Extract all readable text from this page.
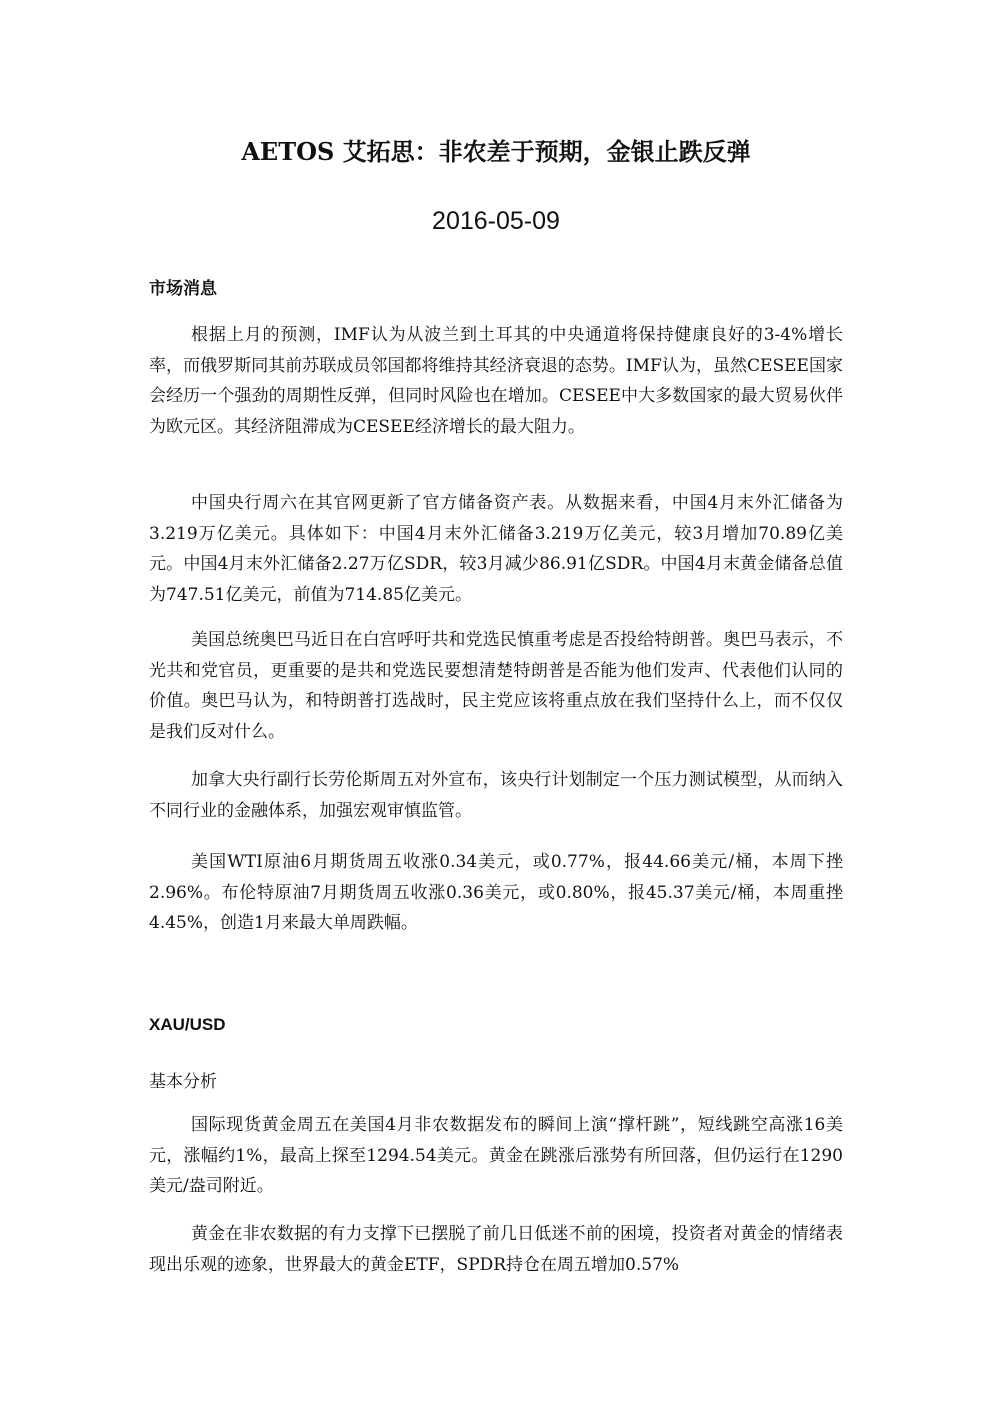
AETOS 艾拓思：非农差于预期，金银止跌反弹
2016-05-09
市场消息

根据上月的预测，IMF认为从波兰到土耳其的中央通道将保持健康良好的3-4%增长率，而俄罗斯同其前苏联成员邻国都将维持其经济衰退的态势。IMF认为，虽然CESEE国家会经历一个强劲的周期性反弹，但同时风险也在增加。CESEE中大多数国家的最大贸易伙伴为欧元区。其经济阻滞成为CESEE经济增长的最大阻力。

中国央行周六在其官网更新了官方储备资产表。从数据来看，中国4月末外汇储备为3.219万亿美元。具体如下：中国4月末外汇储备3.219万亿美元，较3月增加70.89亿美元。中国4月末外汇储备2.27万亿SDR，较3月减少86.91亿SDR。中国4月末黄金储备总值为747.51亿美元，前值为714.85亿美元。

美国总统奥巴马近日在白宫呼吁共和党选民慎重考虑是否投给特朗普。奥巴马表示，不光共和党官员，更重要的是共和党选民要想清楚特朗普是否能为他们发声、代表他们认同的价值。奥巴马认为，和特朗普打选战时，民主党应该将重点放在我们坚持什么上，而不仅仅是我们反对什么。

加拿大央行副行长劳伦斯周五对外宣布，该央行计划制定一个压力测试模型，从而纳入不同行业的金融体系，加强宏观审慎监管。

美国WTI原油6月期货周五收涨0.34美元，或0.77%，报44.66美元/桶，本周下挫2.96%。布伦特原油7月期货周五收涨0.36美元，或0.80%，报45.37美元/桶，本周重挫4.45%，创造1月来最大单周跌幅。

XAU/USD
基本分析

国际现货黄金周五在美国4月非农数据发布的瞬间上演“撑杆跳”，短线跳空高涨16美元，涨幅约1%，最高上探至1294.54美元。黄金在跳涨后涨势有所回落，但仍运行在1290美元/盎司附近。

黄金在非农数据的有力支撑下已摆脱了前几日低迷不前的困境，投资者对黄金的情绪表现出乐观的迹象，世界最大的黄金ETF，SPDR持仓在周五增加0.57%
